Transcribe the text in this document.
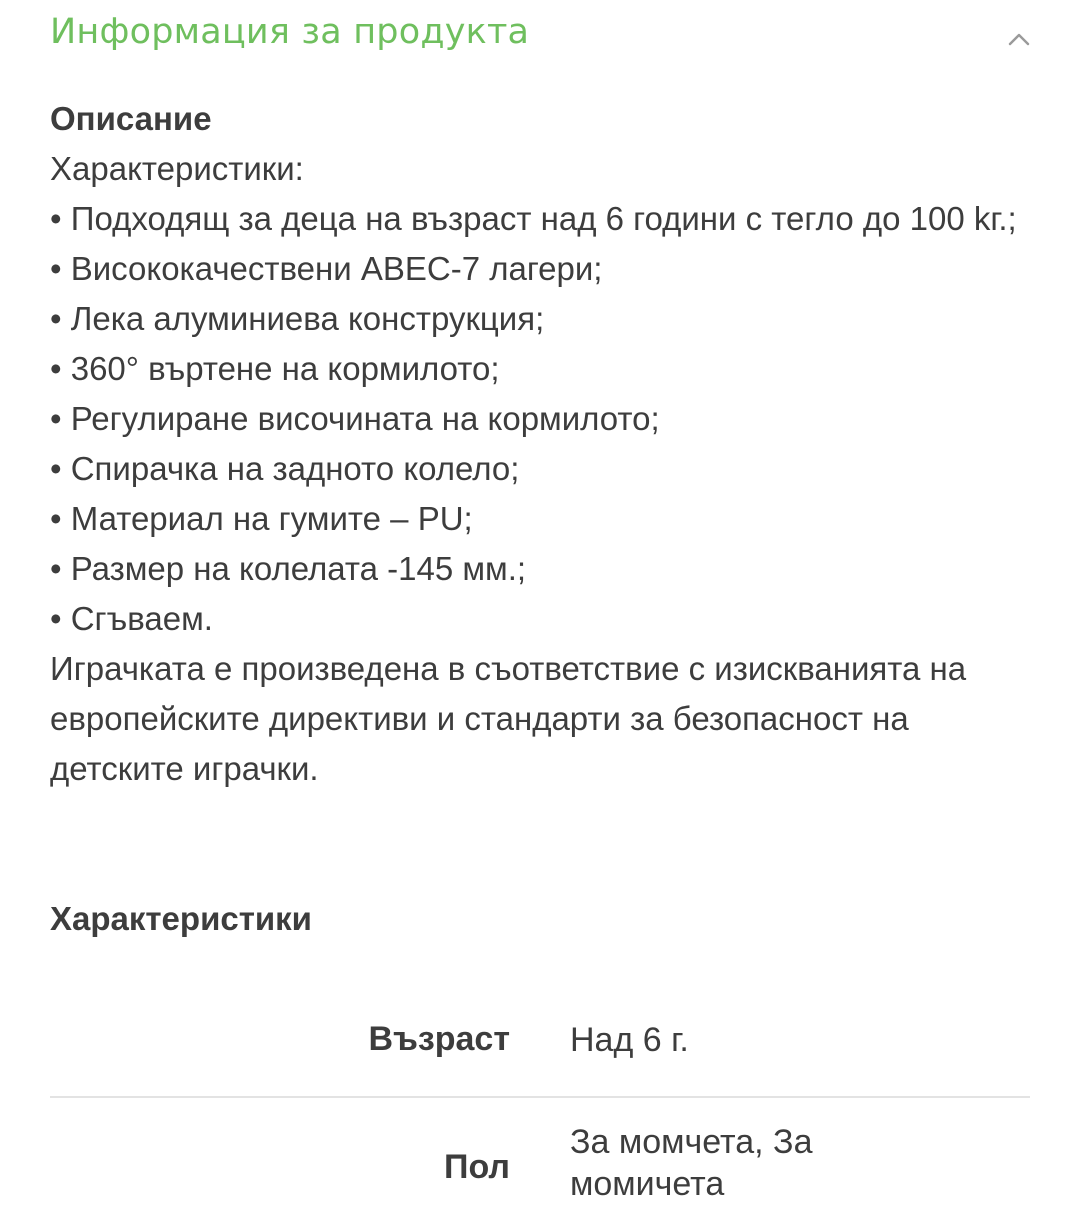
Информация за продукта

Описание

Характеристики:

• Подходящ за деца на възраст над 6 години с тегло до 100 kг.;

• Висококачествени ABEC-7 лагери;

• Лека алуминиева конструкция;

• 360° въртене на кормилото;

• Регулиране височината на кормилото;

• Спирачка на задното колело;

• Материал на гумите – PU;

• Размер на колелата -145 мм.;

• Сгъваем.

Играчката е произведена в съответствие с изискванията на европейските директиви и стандарти за безопасност на детските играчки.

Характеристики

Възраст Над 6 г.
Пол
За момчета, За момичета
